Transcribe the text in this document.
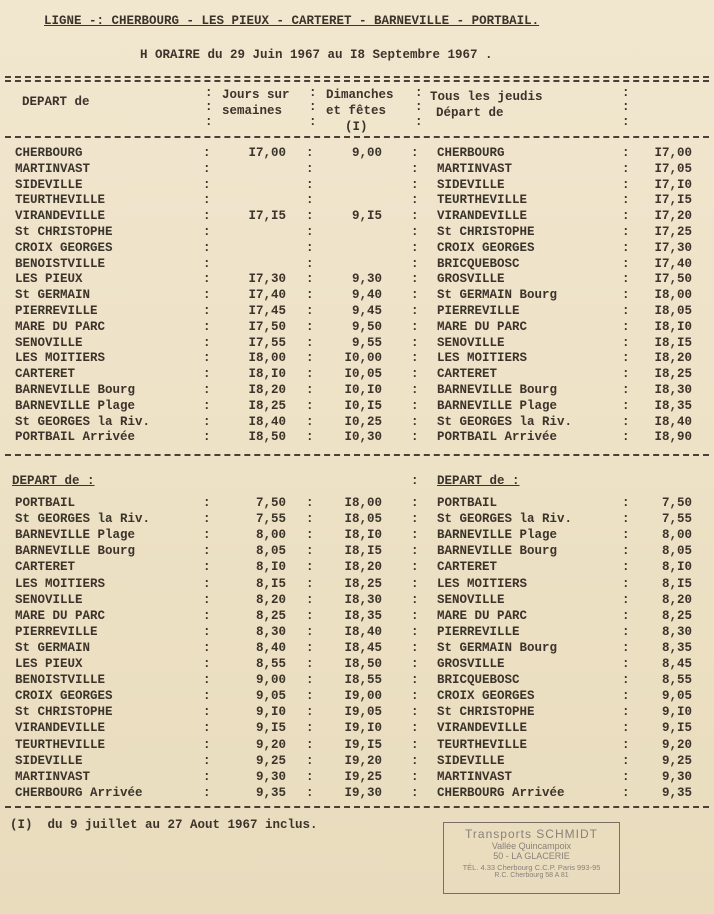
LIGNE -: CHERBOURG - LES PIEUX - CARTERET - BARNEVILLE - PORTBAIL.
H ORAIRE du 29 Juin 1967 au I8 Septembre 1967 .
DEPART de	Jours sur
semaines
Dimanches
et fêtes
(I)
Tous les jeudis
Départ de
:
:
:
:
:
:
:
:
:
:
:
:
CHERBOURG	:	I7,00 :	9,00 : CHERBOURG	:	I7,00
MARTINVAST	:	:	: MARTINVAST	:	I7,05
SIDEVILLE	:	:	: SIDEVILLE	:	I7,I0
TEURTHEVILLE	:	:	: TEURTHEVILLE	:	I7,I5
VIRANDEVILLE	:	I7,I5 :	9,I5 : VIRANDEVILLE	:	I7,20
St CHRISTOPHE	:	:	: St CHRISTOPHE	:	I7,25
CROIX GEORGES	:	:	: CROIX GEORGES	:	I7,30
BENOISTVILLE	:	:	: BRICQUEBOSC	:	I7,40
LES PIEUX	:	I7,30 :	9,30 : GROSVILLE	:	I7,50
St GERMAIN	:	I7,40 :	9,40 : St GERMAIN Bourg	:	I8,00
PIERREVILLE	:	I7,45 :	9,45 : PIERREVILLE	:	I8,05
MARE DU PARC	:	I7,50 :	9,50 : MARE DU PARC	:	I8,I0
SENOVILLE	:	I7,55 :	9,55 : SENOVILLE	:	I8,I5
LES MOITIERS	:	I8,00 :	I0,00 : LES MOITIERS	:	I8,20
CARTERET	:	I8,I0 :	I0,05 : CARTERET	:	I8,25
BARNEVILLE Bourg	:	I8,20 :	I0,I0 : BARNEVILLE Bourg	:	I8,30
BARNEVILLE Plage	:	I8,25 :	I0,I5 : BARNEVILLE Plage	:	I8,35
St GEORGES la Riv.	:	I8,40 :	I0,25 : St GEORGES la Riv.	:	I8,40
PORTBAIL Arrivée	:	I8,50 :	I0,30 : PORTBAIL Arrivée	:	I8,90
DEPART de :	: DEPART de :
PORTBAIL	:	7,50 :	I8,00 : PORTBAIL	:	7,50
St GEORGES la Riv.	:	7,55 :	I8,05 : St GEORGES la Riv.	:	7,55
BARNEVILLE Plage	:	8,00 :	I8,I0 : BARNEVILLE Plage	:	8,00
BARNEVILLE Bourg	:	8,05 :	I8,I5 : BARNEVILLE Bourg	:	8,05
CARTERET	:	8,I0 :	I8,20 : CARTERET	:	8,I0
LES MOITIERS	:	8,I5 :	I8,25 : LES MOITIERS	:	8,I5
SENOVILLE	:	8,20 :	I8,30 : SENOVILLE	:	8,20
MARE DU PARC	:	8,25 :	I8,35 : MARE DU PARC	:	8,25
PIERREVILLE	:	8,30 :	I8,40 : PIERREVILLE	:	8,30
St GERMAIN	:	8,40 :	I8,45 : St GERMAIN Bourg	:	8,35
LES PIEUX	:	8,55 :	I8,50 : GROSVILLE	:	8,45
BENOISTVILLE	:	9,00 :	I8,55 : BRICQUEBOSC	:	8,55
CROIX GEORGES	:	9,05 :	I9,00 : CROIX GEORGES	:	9,05
St CHRISTOPHE	:	9,I0 :	I9,05 : St CHRISTOPHE	:	9,I0
VIRANDEVILLE	:	9,I5 :	I9,I0 : VIRANDEVILLE	:	9,I5
TEURTHEVILLE	:	9,20 :	I9,I5 : TEURTHEVILLE	:	9,20
SIDEVILLE	:	9,25 :	I9,20 : SIDEVILLE	:	9,25
MARTINVAST	:	9,30 :	I9,25 : MARTINVAST	:	9,30
CHERBOURG Arrivée	:	9,35 :	I9,30 : CHERBOURG Arrivée	:	9,35
(I)  du 9 juillet au 27 Aout 1967 inclus.
Transports SCHMIDT
Vallée Quincampoix
50 - LA GLACERIE
TÉL. 4.33 Cherbourg C.C.P. Paris 993-95
R.C. Cherbourg 58 A 81
